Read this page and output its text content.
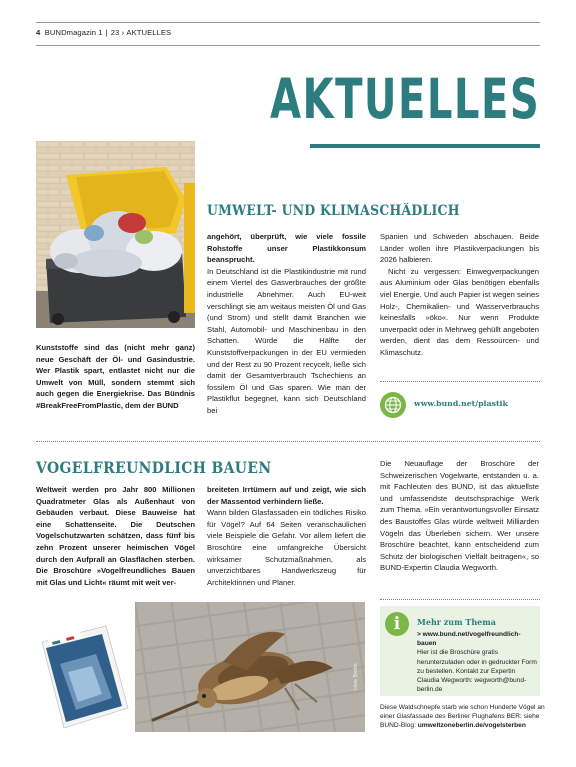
4 BUNDmagazin 1 | 23 › AKTUELLES
AKTUELLES
UMWELT- UND KLIMASCHÄDLICH

Kunststoffe sind das (nicht mehr ganz) neue Geschäft der Öl- und Gasindustrie. Wer Plastik spart, entlastet nicht nur die Umwelt von Müll, sondern stemmt sich auch gegen die Energiekrise. Das Bündnis #BreakFreeFromPlastic, dem der BUND

angehört, überprüft, wie viele fossile Rohstoffe unser Plastikkonsum beansprucht.

In Deutschland ist die Plastikindustrie mit rund einem Viertel des Gasverbrauches der größte industrielle Abnehmer. Auch EU-weit verschlingt sie am weitaus meisten Öl und Gas (und Strom) und stellt damit Branchen wie Stahl, Automobil- und Maschinenbau in den Schatten. Würde die Hälfte der Kunststoffverpackungen in der EU vermieden und der Rest zu 90 Prozent recycelt, ließe sich damit der Gesamtverbrauch Tschechiens an fossilem Öl und Gas sparen. Wie man der Plastikflut begegnet, kann sich Deutschland bei

Spanien und Schweden abschauen. Beide Länder wollen ihre Plastikverpackungen bis 2026 halbieren.

Nicht zu vergessen: Einwegverpackungen aus Aluminium oder Glas benötigen ebenfalls viel Energie. Und auch Papier ist wegen seines Holz-, Chemikalien- und Wasserverbrauchs keinesfalls »öko«. Nur wenn Produkte unverpackt oder in Mehrweg gehüllt angeboten werden, dient das dem Ressourcen- und Klimaschutz.

www.bund.net/plastik
VOGELFREUNDLICH BAUEN

Weltweit werden pro Jahr 800 Millionen Quadratmeter Glas als Außenhaut von Gebäuden verbaut. Diese Bauweise hat eine Schattenseite. Die Deutschen Vogelschutzwarten schätzen, dass fünf bis zehn Prozent unserer heimischen Vögel durch den Aufprall an Glasflächen sterben. Die Broschüre »Vogelfreundliches Bauen mit Glas und Licht« räumt mit weit ver-

breiteten Irrtümern auf und zeigt, wie sich der Massentod verhindern ließe.

Wann bilden Glasfassaden ein tödliches Risiko für Vögel? Auf 64 Seiten veranschaulichen viele Beispiele die Gefahr. Vor allem liefert die Broschüre eine umfangreiche Übersicht wirksamer Schutzmaßnahmen, als unverzichtbares Handwerkszeug für Architektinnen und Planer.

Die Neuauflage der Broschüre der Schweizerischen Vogelwarte, entstanden u. a. mit Fachleuten des BUND, ist das aktuellste und umfassendste deutschsprachige Werk zum Thema. »Ein verantwortungsvoller Einsatz des Baustoffes Glas würde weltweit Milliarden Vögeln das Überleben sichern. Wer unsere Broschüre beachtet, kann entscheidend zum Schutz der biologischen Vielfalt beitragen«, so BUND-Expertin Claudia Wegworth.

Uwe Berlin
i	Mehr zum Thema
> www.bund.net/vogelfreundlich-bauen
Hier ist die Broschüre gratis herunterzuladen oder in gedruckter Form zu bestellen. Kontakt zur Expertin Claudia Wegworth: wegworth@bund-berlin.de
Diese Waldschnepfe starb wie schon Hunderte Vögel an einer Glasfassade des Berliner Flughafens BER; siehe BUND-Blog: umweltzoneberlin.de/vogelsterben
